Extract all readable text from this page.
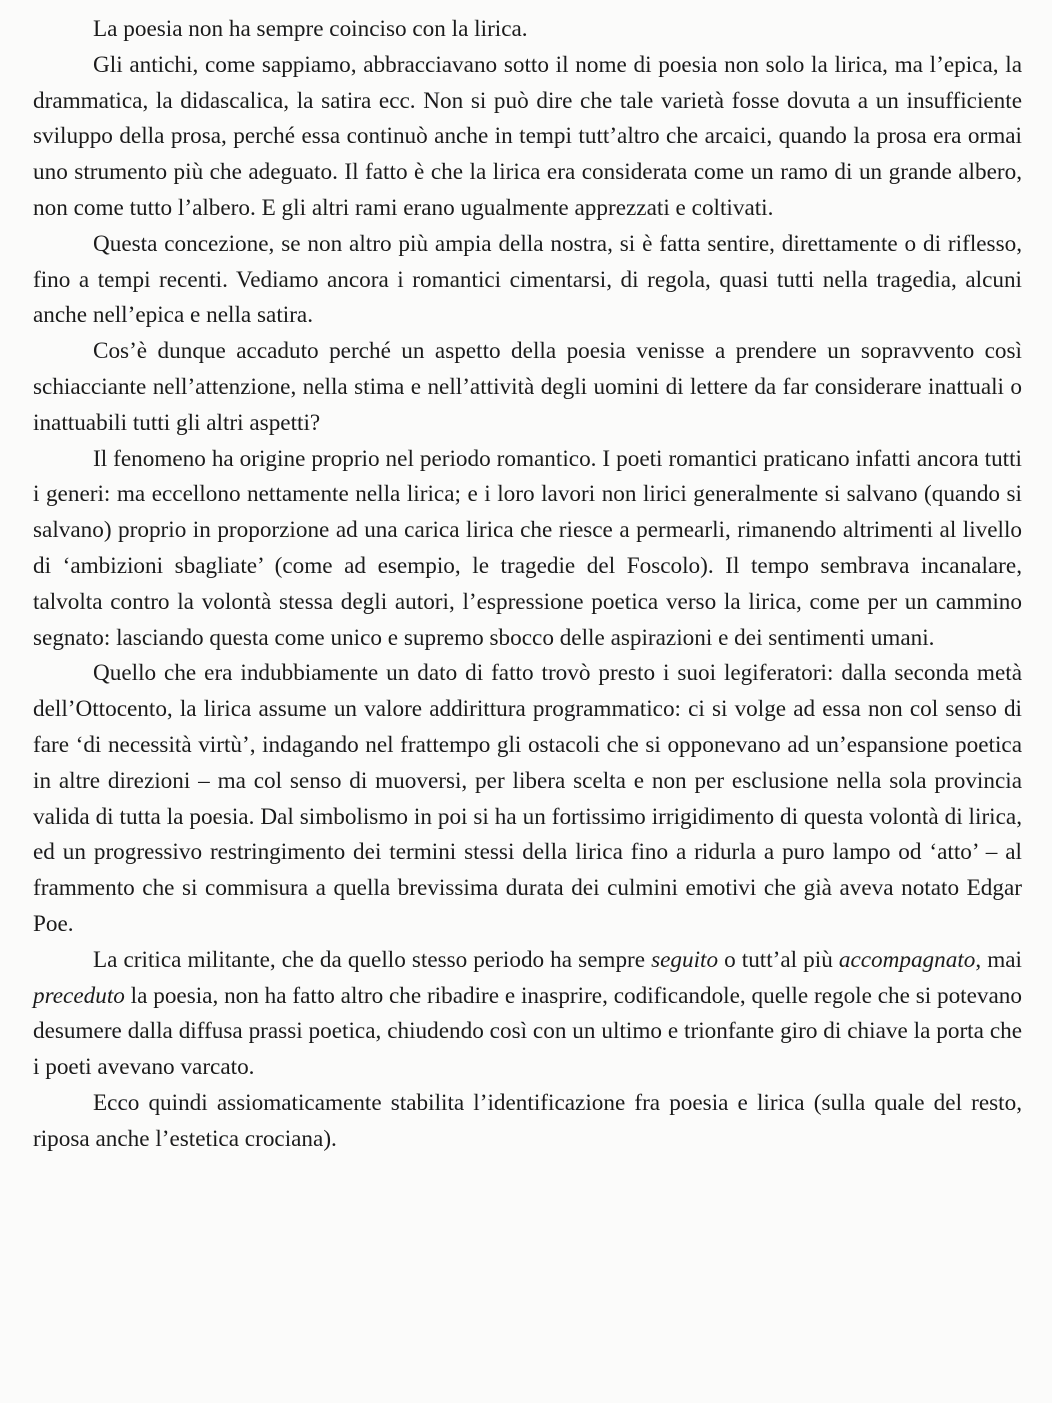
La poesia non ha sempre coinciso con la lirica.

Gli antichi, come sappiamo, abbracciavano sotto il nome di poesia non solo la lirica, ma l’epica, la drammatica, la didascalica, la satira ecc. Non si può dire che tale varietà fosse dovuta a un insufficiente sviluppo della prosa, perché essa continuò anche in tempi tutt’altro che arcaici, quando la prosa era ormai uno strumento più che adeguato. Il fatto è che la lirica era considerata come un ramo di un grande albero, non come tutto l’albero. E gli altri rami erano ugualmente apprezzati e coltivati.

Questa concezione, se non altro più ampia della nostra, si è fatta sentire, direttamente o di riflesso, fino a tempi recenti. Vediamo ancora i romantici cimentarsi, di regola, quasi tutti nella tragedia, alcuni anche nell’epica e nella satira.

Cos’è dunque accaduto perché un aspetto della poesia venisse a prendere un sopravvento così schiacciante nell’attenzione, nella stima e nell’attività degli uomini di lettere da far considerare inattuali o inattuabili tutti gli altri aspetti?

Il fenomeno ha origine proprio nel periodo romantico. I poeti romantici praticano infatti ancora tutti i generi: ma eccellono nettamente nella lirica; e i loro lavori non lirici generalmente si salvano (quando si salvano) proprio in proporzione ad una carica lirica che riesce a permearli, rimanendo altrimenti al livello di ‘ambizioni sbagliate’ (come ad esempio, le tragedie del Foscolo). Il tempo sembrava incanalare, talvolta contro la volontà stessa degli autori, l’espressione poetica verso la lirica, come per un cammino segnato: lasciando questa come unico e supremo sbocco delle aspirazioni e dei sentimenti umani.

Quello che era indubbiamente un dato di fatto trovò presto i suoi legiferatori: dalla seconda metà dell’Ottocento, la lirica assume un valore addirittura programmatico: ci si volge ad essa non col senso di fare ‘di necessità virtù’, indagando nel frattempo gli ostacoli che si opponevano ad un’espansione poetica in altre direzioni – ma col senso di muoversi, per libera scelta e non per esclusione nella sola provincia valida di tutta la poesia. Dal simbolismo in poi si ha un fortissimo irrigidimento di questa volontà di lirica, ed un progressivo restringimento dei termini stessi della lirica fino a ridurla a puro lampo od ‘atto’ – al frammento che si commisura a quella brevissima durata dei culmini emotivi che già aveva notato Edgar Poe.

La critica militante, che da quello stesso periodo ha sempre seguito o tutt’al più accompagnato, mai preceduto la poesia, non ha fatto altro che ribadire e inasprire, codificandole, quelle regole che si potevano desumere dalla diffusa prassi poetica, chiudendo così con un ultimo e trionfante giro di chiave la porta che i poeti avevano varcato.

Ecco quindi assiomaticamente stabilita l’identificazione fra poesia e lirica (sulla quale del resto, riposa anche l’estetica crociana).
